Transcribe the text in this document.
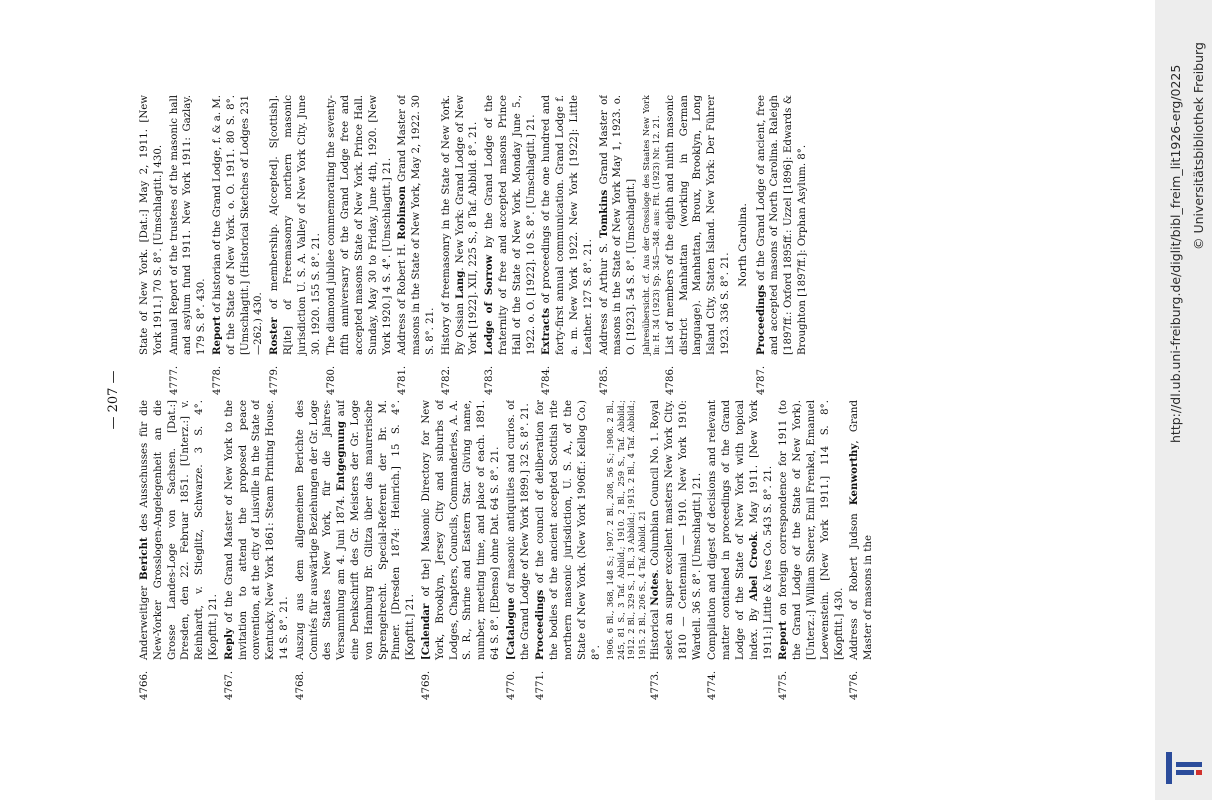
— 207 —
4766.
Anderweitiger Bericht des Ausschusses für die New-Yorker Grosslogen-Angelegenheit an die Grosse Landes-Loge von Sachsen. [Dat.:] Dresden, den 22. Februar 1851. [Unterz.:] v. Reinhardt, v. Stieglitz, Schwarze. 3 S. 4°. [Kopftit.] 21.
4767.
Reply of the Grand Master of New York to the invitation to attend the proposed peace convention, at the city of Luisville in the State of Kentucky. New York 1861: Steam Printing House. 14 S. 8°. 21.
4768.
Auszug aus dem allgemeinen Berichte des Comités für auswärtige Beziehungen der Gr. Loge des Staates New York, für die Jahres-Versammlung am 4. Juni 1874. Entgegnung auf eine Denkschrift des Gr. Meisters der Gr. Loge von Hamburg Br. Glitza über das maurerische Sprengelrecht. Special-Referent der Br. M. Pinner. [Dresden 1874: Heinrich.] 15 S. 4°. [Kopftit.] 21.
4769.
[Calendar of the] Masonic Directory for New York, Brooklyn, Jersey City and suburbs of Lodges, Chapters, Councils, Commanderies, A. A. S. R., Shrine and Eastern Star. Giving name, number, meeting time, and place of each. 1891. 64 S. 8°. [Ebenso] ohne Dat. 64 S. 8°. 21.
4770.
[Catalogue of masonic antiquities and curios. of the Grand Lodge of New York 1899.] 32 S. 8°. 21.
4771.
Proceedings of the council of deliberation for the bodies of the ancient accepted Scottish rite northern masonic jurisdiction, U. S. A., of the State of New York. (New York 1906ff.: Kellog Co.) 8°. 1906. 6 Bl., 368, 148 S.; 1907. 2 Bl., 208, 56 S.; 1908. 2 Bl., 245, 81 S., 3 Taf. Abbild.; 1910. 2 Bl., 259 S., Taf. Abbild.; 1912. 2 Bl., 329 S., 1 Bl., 3 Abbild.; 1913. 2 Bl., 4 Taf. Abbild.; 1915. 2 Bl., 206 S., 4 Taf. Abbild. 21
4773.
Historical Notes. Columbian Council No. 1. Royal select an super excellent masters New York City. 1810 — Centennial — 1910. New York 1910: Wardell. 36 S. 8°. [Umschlagtit.] 21.
4774.
Compilation and digest of decisions and relevant matter contained in proceedings of the Grand Lodge of the State of New York with topical index. By Abel Crook. May 1911. [New York 1911:] Little & Ives Co. 543 S. 8°. 21.
4775.
Report on foreign correspondence for 1911 (to the Grand Lodge of the State of New York). [Unterz.:] William Sherer, Emil Frenkel, Emanuel Loewenstein. [New York 1911.] 114 S. 8°. [Kopftit.] 430.
4776.
Address of Robert Judson Kenworthy, Grand Master of masons in the
State of New York. [Dat.:] May 2, 1911. [New York 1911.] 70 S. 8°. [Umschlagtit.] 430.
4777.
Annual Report of the trustees of the masonic hall and asylum fund 1911. New York 1911: Gazlay. 179 S. 8°. 430.
4778.
Report of historian of the Grand Lodge, f. & a. M. of the State of New York. o. O. 1911. 80 S. 8°. [Umschlagtit.] (Historical Sketches of Lodges 231—262.) 430.
4779.
Roster of membership. A[ccepted]. S[cottish]. R[ite] of Freemasonry northern masonic jurisdiction U. S. A. Valley of New York City. June 30. 1920. 155 S. 8°. 21.
4780.
The diamond jubilee commemorating the seventy-fifth anniversary of the Grand Lodge free and accepted masons State of New York. Prince Hall. Sunday, May 30 to Friday, June 4th, 1920. [New York 1920.] 4 S. 4°. [Umschlagtit.] 21.
4781.
Address of Robert H. Robinson Grand Master of masons in the State of New York, May 2, 1922. 30 S. 8°. 21.
4782.
History of freemasonry in the State of New York. By Ossian Lang. New York: Grand Lodge of New York [1922]. XII, 225 S., 8 Taf. Abbild. 8°. 21.
4783.
Lodge of Sorrow by the Grand Lodge of the fraternity of free and accepted masons Prince Hall of the State of New York. Monday June 5., 1922. o. O. [1922]. 10 S. 8°. [Umschlagtit.] 21.
4784.
Extracts of proceedings of the one hundred and forty-first annual communication. Grand Lodge f. a. m. New York 1922. New York [1922]: Little Leather. 127 S. 8°. 21.
4785.
Address of Arthur S. Tomkins Grand Master of masons in the State of New York May 1, 1923. o. O. [1923]. 54 S. 8°. [Umschlagtit.] Jahresübersicht. cf. Aus der Grossloge des Staates New York in: H. 34 (1923) Sp. 345—348. aus: Fit. (1923) Nr. 12. 21.
4786.
List of members of the eighth and ninth masonic district Manhattan (working in German language). Manhattan, Broux, Brooklyn, Long Island City, Staten Island. New York: Der Führer 1923. 336 S. 8°. 21.
North Carolina.
4787.
Proceedings of the Grand Lodge of ancient, free and accepted masons of North Carolina. Raleigh [1897ff.: Oxford 1895ff.: Uzzel [1896]: Edwards & Broughton [1897ff.]: Orphan Asylum. 8°.	http://dl.ub.uni-freiburg.de/diglit/bibl_freim_lit1926-erg/0225 © Universitätsbibliothek Freiburg
